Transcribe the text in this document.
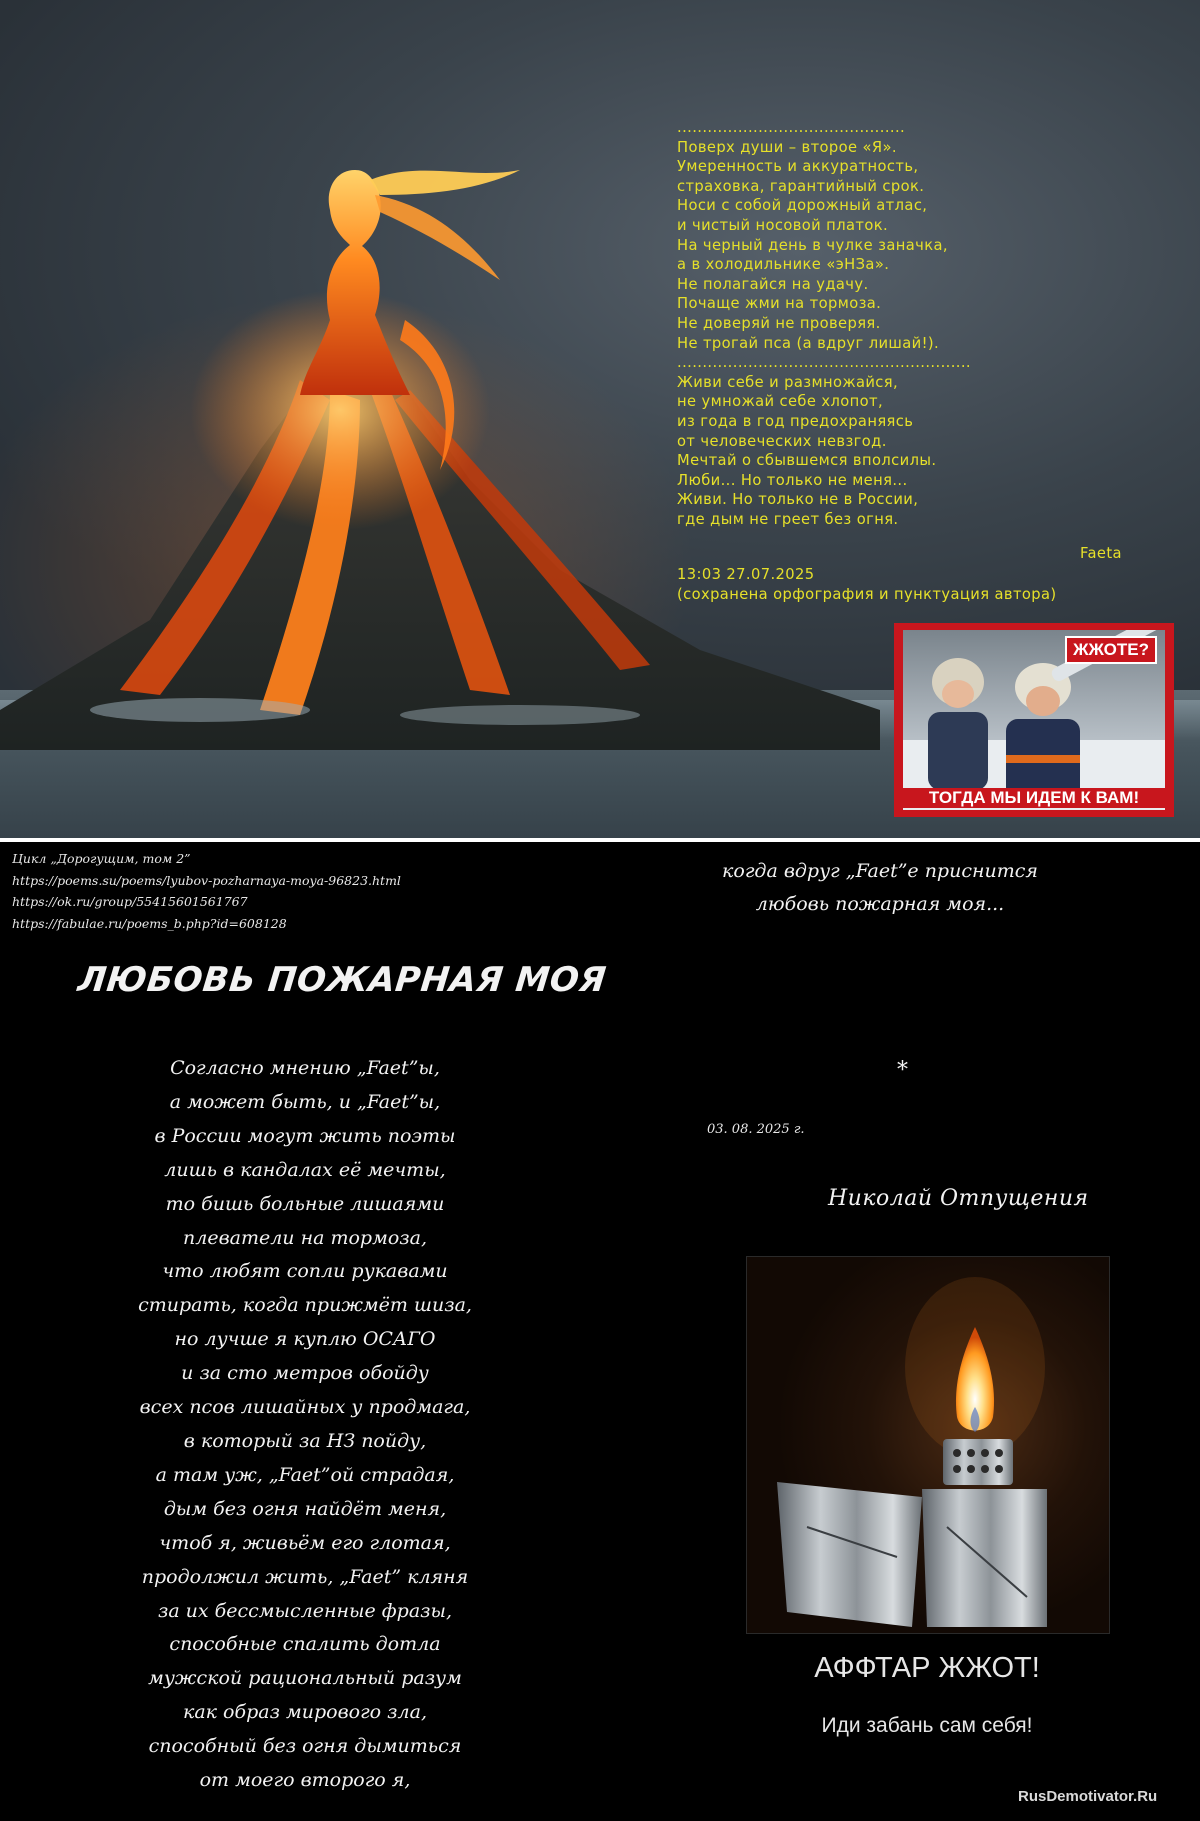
.............................................
Поверх души – второе «Я».
Умеренность и аккуратность,
страховка, гарантийный срок.
Носи с собой дорожный атлас,
и чистый носовой платок.
На черный день в чулке заначка,
а в холодильнике «эНЗа».
Не полагайся на удачу.
Почаще жми на тормоза.
Не доверяй не проверяя.
Не трогай пса (а вдруг лишай!).
..........................................................
Живи себе и размножайся,
не умножай себе хлопот,
из года в год предохраняясь
от человеческих невзгод.
Мечтай о сбывшемся вполсилы.
Люби... Но только не меня...
Живи. Но только не в России,
где дым не греет без огня.
Faeta
13:03 27.07.2025
(сохранена орфография и пунктуация автора)
ЖЖОТЕ?
ТОГДА МЫ ИДЕМ К ВАМ!
Цикл „Дорогущим, том 2”
https://poems.su/poems/lyubov-pozharnaya-moya-96823.html
https://ok.ru/group/55415601561767
https://fabulae.ru/poems_b.php?id=608128
ЛЮБОВЬ ПОЖАРНАЯ МОЯ
Согласно мнению „Faet”ы,
а может быть, и „Faet”ы,
в России могут жить поэты
лишь в кандалах её мечты,
то бишь больные лишаями
плеватели на тормоза,
что любят сопли рукавами
стирать, когда прижмёт шиза,
но лучше я куплю ОСАГО
и за сто метров обойду
всех псов лишайных у продмага,
в который за НЗ пойду,
а там уж, „Faet”ой страдая,
дым без огня найдёт меня,
чтоб я, живьём его глотая,
продолжил жить, „Faet” кляня
за их бессмысленные фразы,
способные спалить дотла
мужской рациональный разум
как образ мирового зла,
способный без огня дымиться
от моего второго я,
когда вдруг „Faet”е приснится
любовь пожарная моя...
*
03. 08. 2025 г.
Николай Отпущения
АФФТАР ЖЖОТ!
Иди забань сам себя!
RusDemotivator.Ru
